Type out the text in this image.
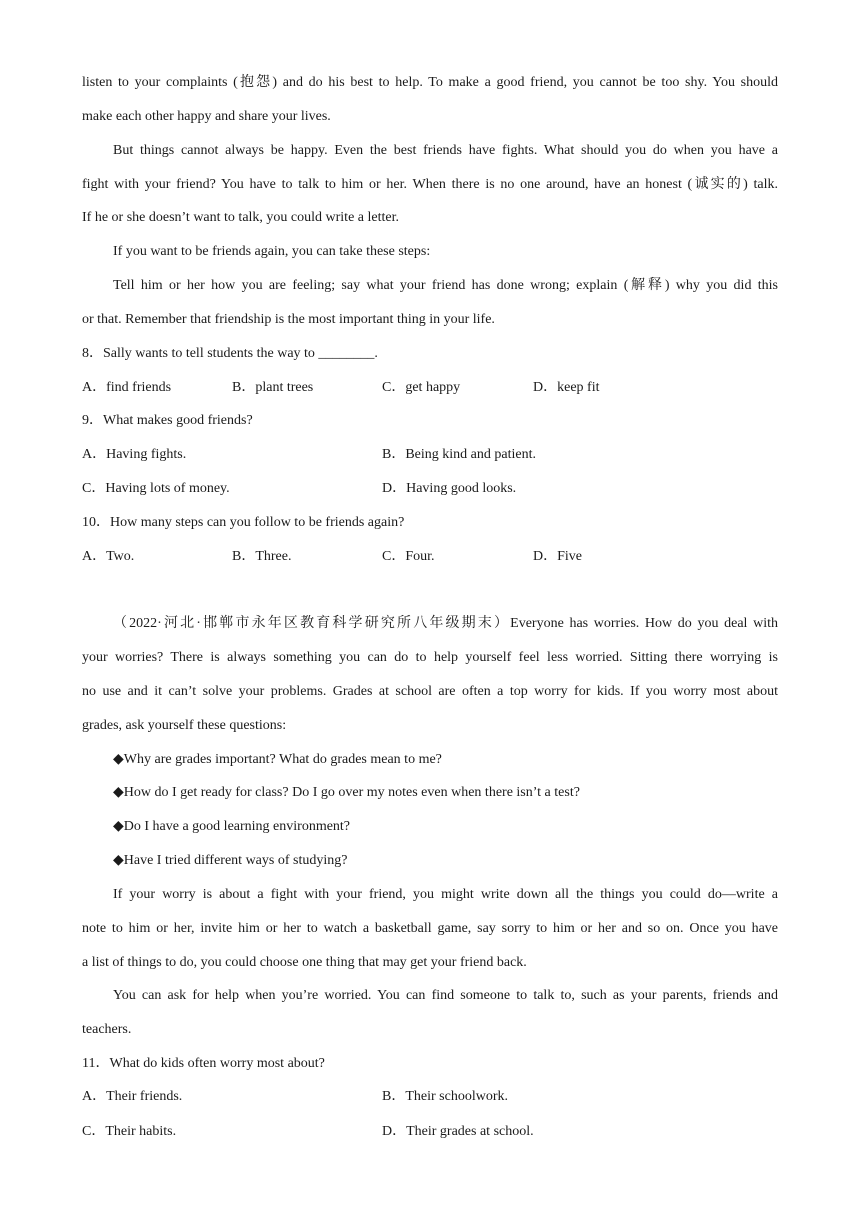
listen to your complaints (抱怨) and do his best to help. To make a good friend, you cannot be too shy. You should
make each other happy and share your lives.
But things cannot always be happy. Even the best friends have fights. What should you do when you have a
fight with your friend? You have to talk to him or her. When there is no one around, have an honest (诚实的) talk.
If he or she doesn’t want to talk, you could write a letter.
If you want to be friends again, you can take these steps:
Tell him or her how you are feeling; say what your friend has done wrong; explain (解释) why you did this
or that. Remember that friendship is the most important thing in your life.
8．Sally wants to tell students the way to ________.
A．find friends	B．plant trees	C．get happy	D．keep fit
9．What makes good friends?
A．Having fights.	B．Being kind and patient.
C．Having lots of money.	D．Having good looks.
10．How many steps can you follow to be friends again?
A．Two.	B．Three.	C．Four.	D．Five
（2022·河北·邯郸市永年区教育科学研究所八年级期末）Everyone has worries. How do you deal with
your worries? There is always something you can do to help yourself feel less worried. Sitting there worrying is
no use and it can’t solve your problems. Grades at school are often a top worry for kids. If you worry most about
grades, ask yourself these questions:
◆Why are grades important? What do grades mean to me?
◆How do I get ready for class? Do I go over my notes even when there isn’t a test?
◆Do I have a good learning environment?
◆Have I tried different ways of studying?
If your worry is about a fight with your friend, you might write down all the things you could do—write a
note to him or her, invite him or her to watch a basketball game, say sorry to him or her and so on. Once you have
a list of things to do, you could choose one thing that may get your friend back.
You can ask for help when you’re worried. You can find someone to talk to, such as your parents, friends and
teachers.
11．What do kids often worry most about?
A．Their friends.	B．Their schoolwork.
C．Their habits.	D．Their grades at school.
